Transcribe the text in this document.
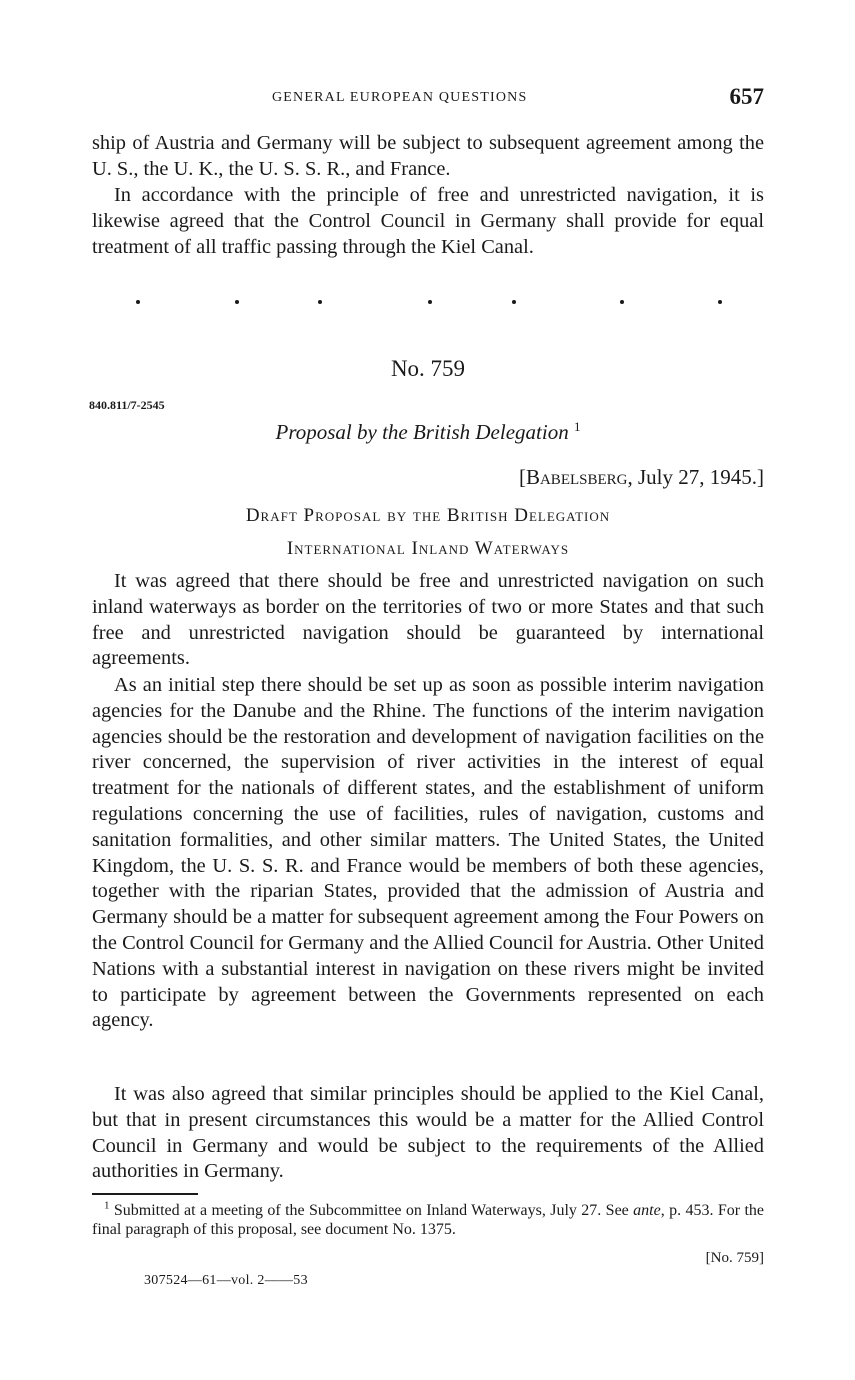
GENERAL EUROPEAN QUESTIONS	657

ship of Austria and Germany will be subject to subsequent agreement among the U. S., the U. K., the U. S. S. R., and France.

In accordance with the principle of free and unrestricted navigation, it is likewise agreed that the Control Council in Germany shall provide for equal treatment of all traffic passing through the Kiel Canal.

No. 759
840.811/7-2545
Proposal by the British Delegation $^1$
[Babelsberg, July 27, 1945.]
Draft Proposal by the British Delegation
International Inland Waterways

It was agreed that there should be free and unrestricted navigation on such inland waterways as border on the territories of two or more States and that such free and unrestricted navigation should be guaranteed by international agreements.

As an initial step there should be set up as soon as possible interim navigation agencies for the Danube and the Rhine. The functions of the interim navigation agencies should be the restoration and development of navigation facilities on the river concerned, the supervision of river activities in the interest of equal treatment for the nationals of different states, and the establishment of uniform regulations concerning the use of facilities, rules of navigation, customs and sanitation formalities, and other similar matters. The United States, the United Kingdom, the U. S. S. R. and France would be members of both these agencies, together with the riparian States, provided that the admission of Austria and Germany should be a matter for subsequent agreement among the Four Powers on the Control Council for Germany and the Allied Council for Austria. Other United Nations with a substantial interest in navigation on these rivers might be invited to participate by agreement between the Governments represented on each agency.

It was also agreed that similar principles should be applied to the Kiel Canal, but that in present circumstances this would be a matter for the Allied Control Council in Germany and would be subject to the requirements of the Allied authorities in Germany.

$^1$ Submitted at a meeting of the Subcommittee on Inland Waterways, July 27. See ante, p. 453. For the final paragraph of this proposal, see document No. 1375.

[No. 759]
307524—61—vol. 2——53
